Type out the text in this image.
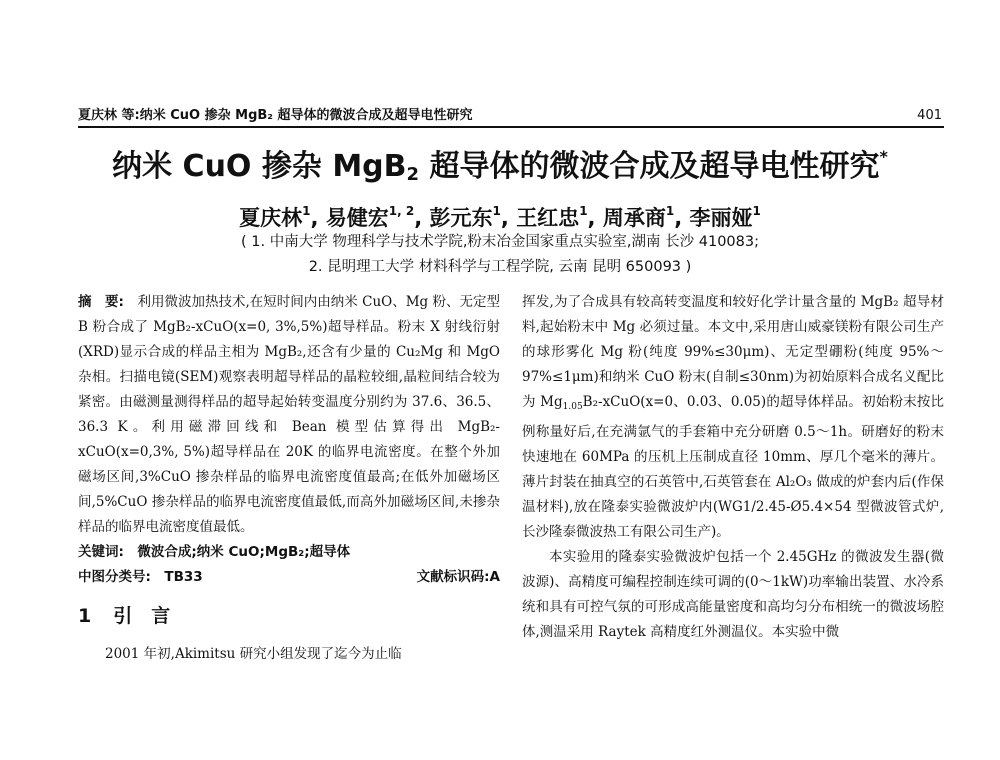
夏庆林 等:纳米 CuO 掺杂 MgB₂ 超导体的微波合成及超导电性研究	401
纳米 CuO 掺杂 MgB$_2$ 超导体的微波合成及超导电性研究*
夏庆林$^1$, 易健宏$^{1, 2}$, 彭元东$^1$, 王红忠$^1$, 周承商$^1$, 李丽娅$^1$
( 1. 中南大学 物理科学与技术学院,粉末冶金国家重点实验室,湖南 长沙 410083;
2. 昆明理工大学 材料科学与工程学院, 云南 昆明 650093 )

摘　要:　 利用微波加热技术,在短时间内由纳米 CuO、Mg 粉、无定型 B 粉合成了 MgB₂-xCuO(x=0, 3%,5%)超导样品。粉末 X 射线衍射(XRD)显示合成的样品主相为 MgB₂,还含有少量的 Cu₂Mg 和 MgO 杂相。扫描电镜(SEM)观察表明超导样品的晶粒较细,晶粒间结合较为紧密。由磁测量测得样品的超导起始转变温度分别约为 37.6、36.5、36.3 K。利用磁滞回线和 Bean 模型估算得出 MgB₂-xCuO(x=0,3%, 5%)超导样品在 20K 的临界电流密度。在整个外加磁场区间,3%CuO 掺杂样品的临界电流密度值最高;在低外加磁场区间,5%CuO 掺杂样品的临界电流密度值最低,而高外加磁场区间,未掺杂样品的临界电流密度值最低。

关键词:　 微波合成;纳米 CuO;MgB₂;超导体

中图分类号:　 TB33	文献标识码:A

1 引　言

2001 年初,Akimitsu 研究小组发现了迄今为止临

挥发,为了合成具有较高转变温度和较好化学计量含量的 MgB₂ 超导材料,起始粉末中 Mg 必须过量。本文中,采用唐山威豪镁粉有限公司生产的球形雾化 Mg 粉(纯度 99%≤30μm)、无定型硼粉(纯度 95%～97%≤1μm)和纳米 CuO 粉末(自制≤30nm)为初始原料合成名义配比为 $Mg_{1.05}B_2-xCuO(x=0$、0.03、0.05)的超导体样品。初始粉末按比例称量好后,在充满氩气的手套箱中充分研磨 0.5～1h。研磨好的粉末快速地在 60MPa 的压机上压制成直径 10mm、厚几个毫米的薄片。薄片封装在抽真空的石英管中,石英管套在 Al₂O₃ 做成的炉套内后(作保温材料),放在隆泰实验微波炉内(WG1/2.45-Ø5.4×54 型微波管式炉,长沙隆泰微波热工有限公司生产)。

本实验用的隆泰实验微波炉包括一个 2.45GHz 的微波发生器(微波源)、高精度可编程控制连续可调的(0～1kW)功率输出装置、水冷系统和具有可控气氛的可形成高能量密度和高均匀分布相统一的微波场腔体,测温采用 Raytek 高精度红外测温仪。本实验中微
